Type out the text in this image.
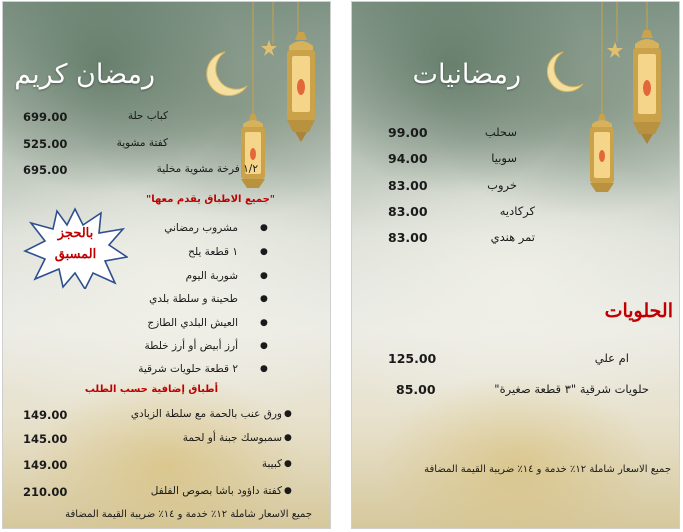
رمضان كريم
699.00	كباب حلة
525.00	كفتة مشوية
695.00	١/٢ فرخة مشوية مخلية
"جميع الاطباق يقدم معها"
بالحجز
المسبق
مشروب رمضاني ●
١ قطعة يلح ●
شوربة اليوم ●
طحينة و سلطة بلدي ●
العيش البلدي الطازج ●
أرز أبيض أو أرز خلطة ●
٢ قطعة حلويات شرقية ●
أطباق إضافية حسب الطلب
149.00	ورق عنب بالحمة مع سلطة الزبادي ●
145.00	سمبوسك جبنة أو لحمة ●
149.00	كبيبة ●
210.00	كفتة داؤود باشا بصوص الفلفل ●
جميع الاسعار شاملة ١٢٪ خدمة و ١٤٪ ضريبة القيمة المضافة
رمضانيات
99.00	سحلب
94.00	سوبيا
83.00	خروب
83.00	كركاديه
83.00	تمر هندي
الحلويات
125.00	ام علي
85.00	حلويات شرقية "٣ قطعة صغيرة"
جميع الاسعار شاملة ١٢٪ خدمة و ١٤٪ ضريبة القيمة المضافة
